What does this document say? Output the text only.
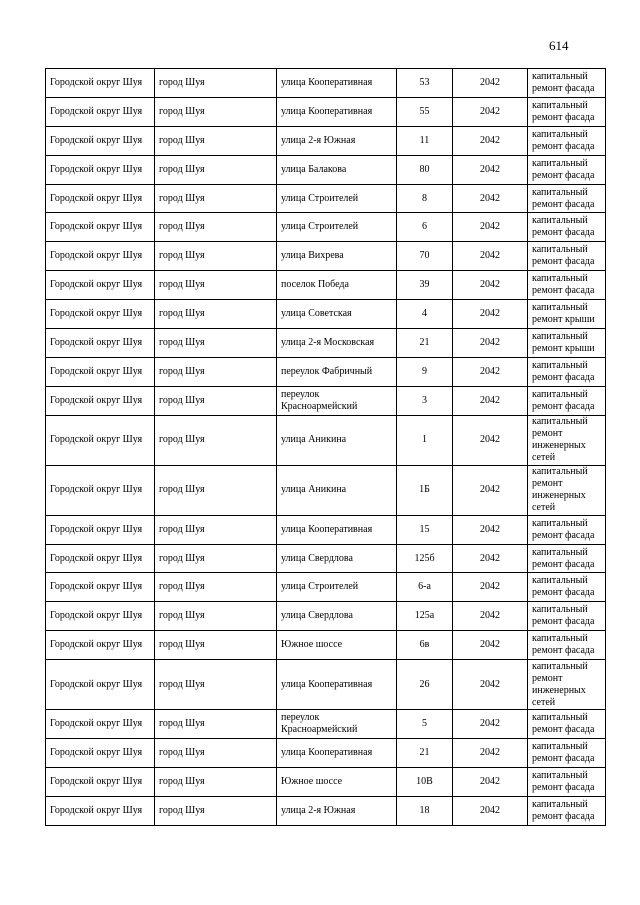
614
Городской округ Шуя	город Шуя	улица Кооперативная	53	2042	капитальный ремонт фасада
Городской округ Шуя	город Шуя	улица Кооперативная	55	2042	капитальный ремонт фасада
Городской округ Шуя	город Шуя	улица 2-я Южная	11	2042	капитальный ремонт фасада
Городской округ Шуя	город Шуя	улица Балакова	80	2042	капитальный ремонт фасада
Городской округ Шуя	город Шуя	улица Строителей	8	2042	капитальный ремонт фасада
Городской округ Шуя	город Шуя	улица Строителей	6	2042	капитальный ремонт фасада
Городской округ Шуя	город Шуя	улица Вихрева	70	2042	капитальный ремонт фасада
Городской округ Шуя	город Шуя	поселок Победа	39	2042	капитальный ремонт фасада
Городской округ Шуя	город Шуя	улица Советская	4	2042	капитальный ремонт крыши
Городской округ Шуя	город Шуя	улица 2-я Московская	21	2042	капитальный ремонт крыши
Городской округ Шуя	город Шуя	переулок Фабричный	9	2042	капитальный ремонт фасада
Городской округ Шуя	город Шуя	переулок Красноармейский	3	2042	капитальный ремонт фасада
Городской округ Шуя	город Шуя	улица Аникина	1	2042	капитальный ремонт инженерных сетей
Городской округ Шуя	город Шуя	улица Аникина	1Б	2042	капитальный ремонт инженерных сетей
Городской округ Шуя	город Шуя	улица Кооперативная	15	2042	капитальный ремонт фасада
Городской округ Шуя	город Шуя	улица Свердлова	125б	2042	капитальный ремонт фасада
Городской округ Шуя	город Шуя	улица Строителей	6-а	2042	капитальный ремонт фасада
Городской округ Шуя	город Шуя	улица Свердлова	125а	2042	капитальный ремонт фасада
Городской округ Шуя	город Шуя	Южное шоссе	6в	2042	капитальный ремонт фасада
Городской округ Шуя	город Шуя	улица Кооперативная	26	2042	капитальный ремонт инженерных сетей
Городской округ Шуя	город Шуя	переулок Красноармейский	5	2042	капитальный ремонт фасада
Городской округ Шуя	город Шуя	улица Кооперативная	21	2042	капитальный ремонт фасада
Городской округ Шуя	город Шуя	Южное шоссе	10В	2042	капитальный ремонт фасада
Городской округ Шуя	город Шуя	улица 2-я Южная	18	2042	капитальный ремонт фасада
